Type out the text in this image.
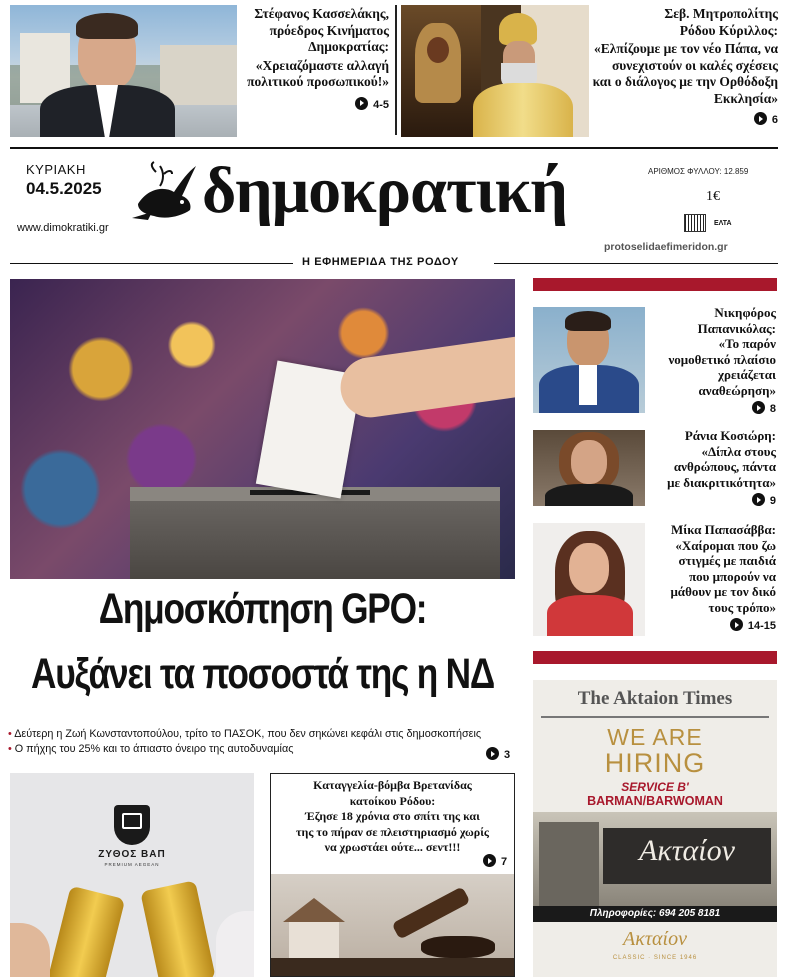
Στέφανος Κασσελάκης, πρόεδρος Κινήματος Δημοκρατίας:
«Χρειαζόμαστε αλλαγή πολιτικού προσωπικού!»
4-5
Σεβ. Μητροπολίτης Ρόδου Κύριλλος:
«Ελπίζουμε με τον νέο Πάπα, να συνεχιστούν οι καλές σχέσεις και ο διάλογος με την Ορθόδοξη Εκκλησία»
6
ΚΥΡΙΑΚΗ
04.5.2025
www.dimokratiki.gr
δημοκρατική	ΑΡΙΘΜΟΣ ΦΥΛΛΟΥ: 12.859
1€
ΕΛΤΑ
protoselidaefimeridon.gr
Η ΕΦΗΜΕΡΙΔΑ ΤΗΣ ΡΟΔΟΥ
Δημοσκόπηση GPO:
Αυξάνει τα ποσοστά της η ΝΔ
• Δεύτερη η Ζωή Κωνσταντοπούλου, τρίτο το ΠΑΣΟΚ, που δεν σηκώνει κεφάλι στις δημοσκοπήσεις
• Ο πήχης του 25% και το άπιαστο όνειρο της αυτοδυναμίας	3
Νικηφόρος
Παπανικόλας:
«Το παρόν
νομοθετικό πλαίσιο
χρειάζεται
αναθεώρηση»
8
Ράνια Κοσιώρη:
«Δίπλα στους
ανθρώπους, πάντα
με διακριτικότητα»
9
Μίκα Παπασάββα:
«Χαίρομαι που ζω
στιγμές με παιδιά
που μπορούν να
μάθουν με τον δικό
τους τρόπο»
14-15
The Aktaion Times
WE ARE
HIRING
SERVICE B'
BARMAN/BARWOMAN
Ακταίον
Πληροφορίες: 694 205 8181
Ακταίον
CLASSIC · SINCE 1946
ΖΥΘΟΣ ΒΑΠ
PREMIUM AEGEAN
Καταγγελία-βόμβα Βρετανίδας
κατοίκου Ρόδου:
Έζησε 18 χρόνια στο σπίτι της και
της το πήραν σε πλειστηριασμό χωρίς
να χρωστάει ούτε... σεντ!!!
7
